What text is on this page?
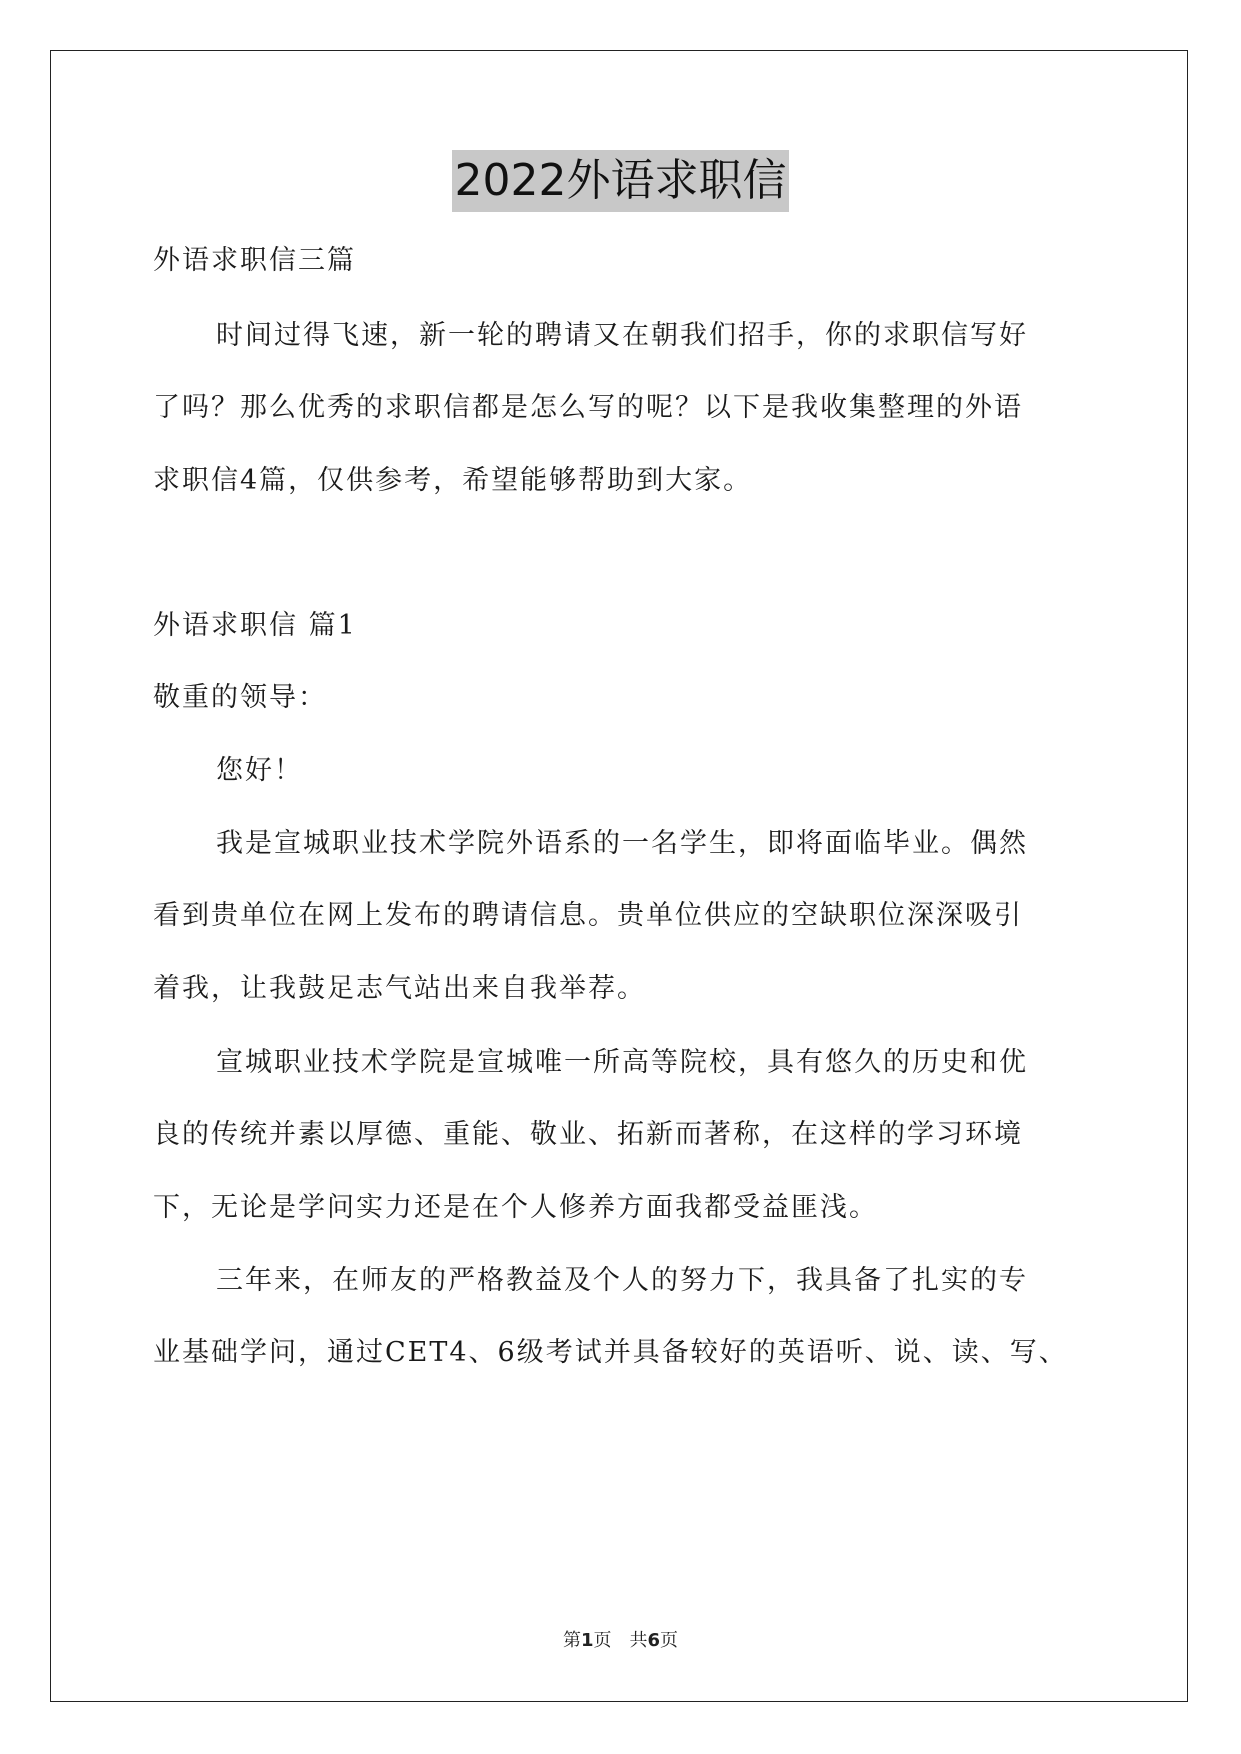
2022外语求职信
外语求职信三篇
时间过得飞速，新一轮的聘请又在朝我们招手，你的求职信写好
了吗？那么优秀的求职信都是怎么写的呢？以下是我收集整理的外语
求职信4篇，仅供参考，希望能够帮助到大家。
外语求职信 篇1
敬重的领导：
您好！
我是宣城职业技术学院外语系的一名学生，即将面临毕业。偶然
看到贵单位在网上发布的聘请信息。贵单位供应的空缺职位深深吸引
着我，让我鼓足志气站出来自我举荐。
宣城职业技术学院是宣城唯一所高等院校，具有悠久的历史和优
良的传统并素以厚德、重能、敬业、拓新而著称，在这样的学习环境
下，无论是学问实力还是在个人修养方面我都受益匪浅。
三年来，在师友的严格教益及个人的努力下，我具备了扎实的专
业基础学问，通过CET4、6级考试并具备较好的英语听、说、读、写、
第1页 共6页
